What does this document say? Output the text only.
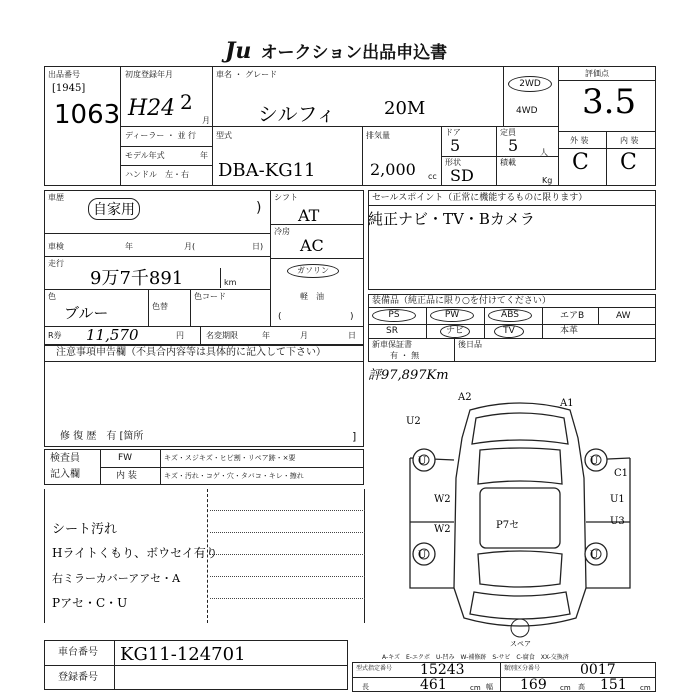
Ju オークション出品申込書
出品番号
[1945]
1063
初度登録年月
H24 2
月
車名 ・ グレード
シルフィ	20M
2WD
4WD
評価点
3.5
外 装	内 装
C C
ディーラー ・ 並 行
モデル年式	年
ハンドル　左・右
型式
DBA-KG11
排気量
2,000 cc
ドア
5
定員
5	人
形状
SD
積載
Kg
車歴
自家用	)
車検	年	月(	日)
走行
9万7千891	km
色
ブルー	色替
色コード
R券 11,570	円	名変期限	年	月	日
シフト
AT
冷房
AC
ガソリン
軽　油
(	)
セールスポイント（正常に機能するものに限ります）
純正ナビ・TV・Bカメラ
装備品（純正品に限り○を付けてください）
PS	PW	ABS	エアB	AW
SR	ナビ	TV	本革
新車保証書
有 ・ 無
後日品
注意事項申告欄（不具合内容等は具体的に記入して下さい）
修 復 歴　有 [箇所	]
評97,897Km
検査員
記入欄
FW	キズ・スジキズ・ヒビ割・リペア跡・×要
内 装	キズ・汚れ・コゲ・穴・タバコ・キレ・擦れ
シート汚れ
Hライトくもり、ボウセイ有り
右ミラーカバーアアセ・A
Pアセ・C・U
A2
A1
U2
U	U
C1
U1
U3
W2
W2	P7セ
U	U
スペア
車台番号 KG11-124701
登録番号
A-キズ　E-エクボ　U-凹み　W-補修跡　S-サビ　C-腐食　XX-交換済
型式指定番号 15243	類別区分番号	0017
長	461	cm 幅 169 cm 高 151 cm
